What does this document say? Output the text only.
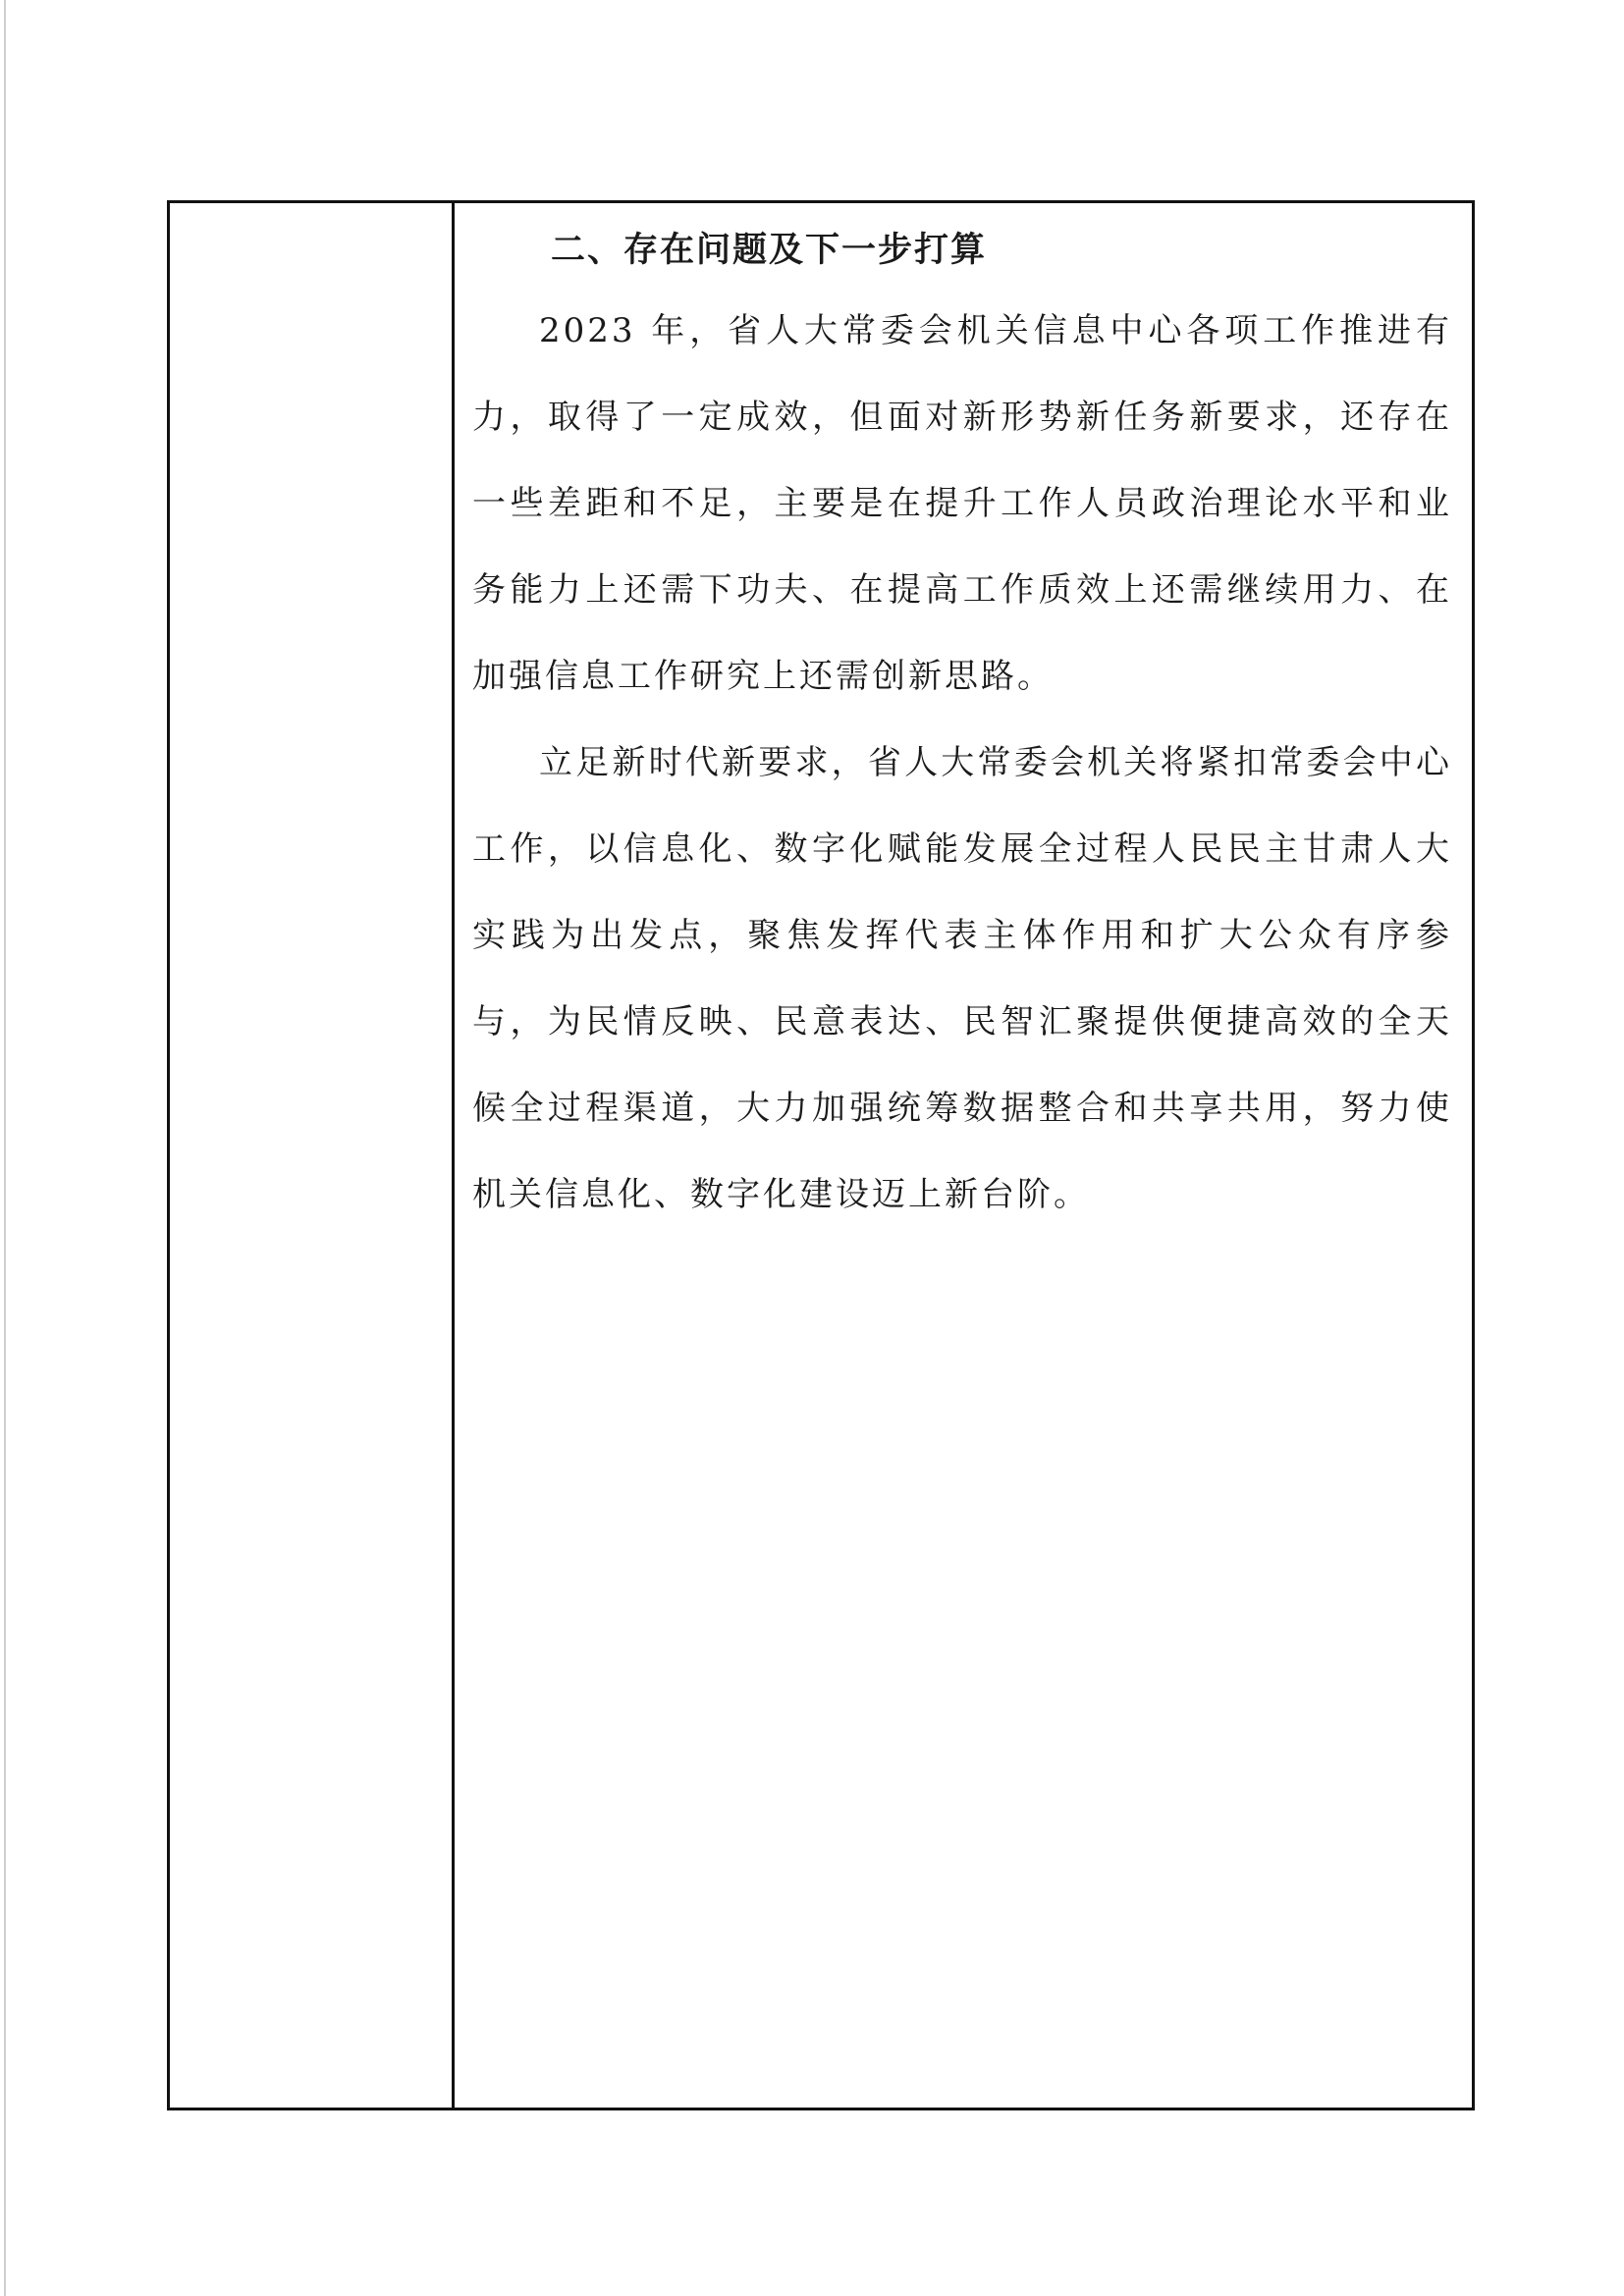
二、存在问题及下一步打算

2023 年，省人大常委会机关信息中心各项工作推进有力，取得了一定成效，但面对新形势新任务新要求，还存在一些差距和不足，主要是在提升工作人员政治理论水平和业务能力上还需下功夫、在提高工作质效上还需继续用力、在加强信息工作研究上还需创新思路。

立足新时代新要求，省人大常委会机关将紧扣常委会中心工作，以信息化、数字化赋能发展全过程人民民主甘肃人大实践为出发点，聚焦发挥代表主体作用和扩大公众有序参与，为民情反映、民意表达、民智汇聚提供便捷高效的全天候全过程渠道，大力加强统筹数据整合和共享共用，努力使机关信息化、数字化建设迈上新台阶。
